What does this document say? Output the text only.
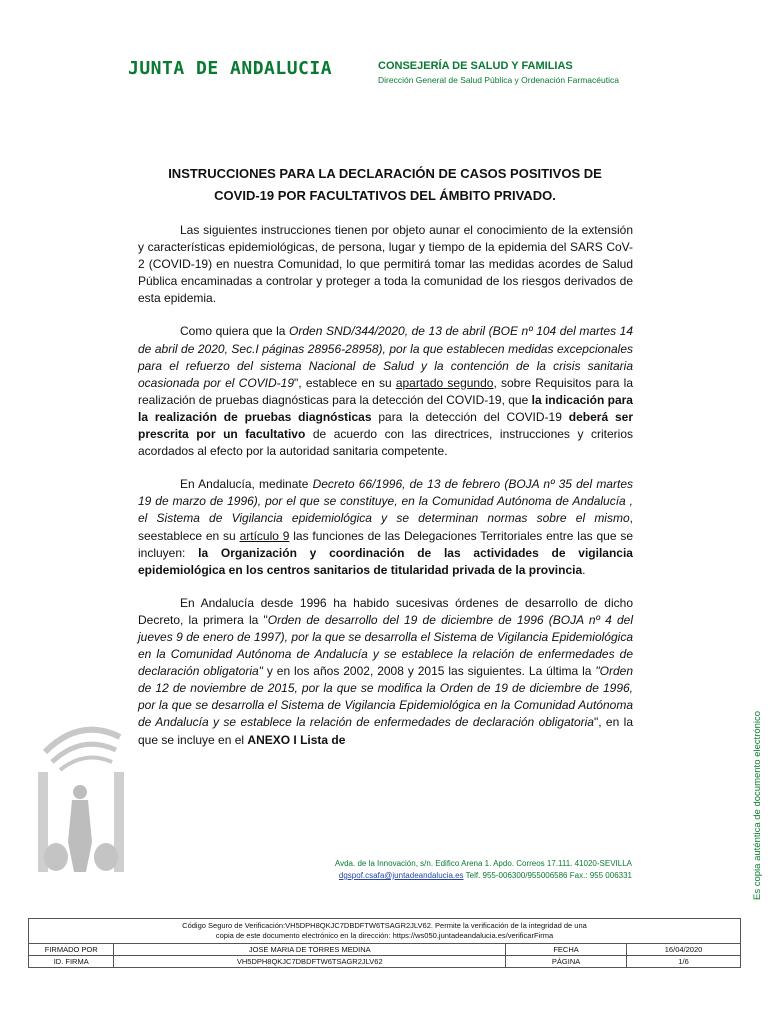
JUNTA DE ANDALUCIA	CONSEJERÍA DE SALUD Y FAMILIAS
Dirección General de Salud Pública y Ordenación Farmacéutica
INSTRUCCIONES PARA LA DECLARACIÓN DE CASOS POSITIVOS DE
COVID-19 POR FACULTATIVOS DEL ÁMBITO PRIVADO.

Las siguientes instrucciones tienen por objeto aunar el conocimiento de la extensión y características epidemiológicas, de persona, lugar y tiempo de la epidemia del SARS CoV-2 (COVID-19) en nuestra Comunidad, lo que permitirá tomar las medidas acordes de Salud Pública encaminadas a controlar y proteger a toda la comunidad de los riesgos derivados de esta epidemia.

Como quiera que la Orden SND/344/2020, de 13 de abril (BOE nº 104 del martes 14 de abril de 2020, Sec.I páginas 28956-28958), por la que establecen medidas excepcionales para el refuerzo del sistema Nacional de Salud y la contención de la crisis sanitaria ocasionada por el COVID-19", establece en su apartado segundo, sobre Requisitos para la realización de pruebas diagnósticas para la detección del COVID-19, que la indicación para la realización de pruebas diagnósticas para la detección del COVID-19 deberá ser prescrita por un facultativo de acuerdo con las directrices, instrucciones y criterios acordados al efecto por la autoridad sanitaria competente.

En Andalucía, medinate Decreto 66/1996, de 13 de febrero (BOJA nº 35 del martes 19 de marzo de 1996), por el que se constituye, en la Comunidad Autónoma de Andalucía , el Sistema de Vigilancia epidemiológica y se determinan normas sobre el mismo, seestablece en su artículo 9 las funciones de las Delegaciones Territoriales entre las que se incluyen: la Organización y coordinación de las actividades de vigilancia epidemiológica en los centros sanitarios de titularidad privada de la provincia.

En Andalucía desde 1996 ha habido sucesivas órdenes de desarrollo de dicho Decreto, la primera la "Orden de desarrollo del 19 de diciembre de 1996 (BOJA nº 4 del jueves 9 de enero de 1997), por la que se desarrolla el Sistema de Vigilancia Epidemiológica en la Comunidad Autónoma de Andalucía y se establece la relación de enfermedades de declaración obligatoria" y en los años 2002, 2008 y 2015 las siguientes. La última la "Orden de 12 de noviembre de 2015, por la que se modifica la Orden de 19 de diciembre de 1996, por la que se desarrolla el Sistema de Vigilancia Epidemiológica en la Comunidad Autónoma de Andalucía y se establece la relación de enfermedades de declaración obligatoria", en la que se incluye en el ANEXO I Lista de

Avda. de la Innovación, s/n. Edifico Arena 1. Apdo. Correos 17.111. 41020-SEVILLA
dgspof.csafa@juntadeandalucia.es Telf. 955-006300/955006586 Fax.: 955 006331	Es copia auténtica de documento electrónico
Código Seguro de Verificación:VH5DPH8QKJC7DBDFTW6TSAGR2JLV62. Permite la verificación de la integridad de una
copia de este documento electrónico en la dirección: https://ws050.juntadeandalucia.es/verificarFirma			

FIRMADO POR	JOSE MARIA DE TORRES MEDINA	FECHA	16/04/2020
ID. FIRMA	VH5DPH8QKJC7DBDFTW6TSAGR2JLV62	PÁGINA	1/6
